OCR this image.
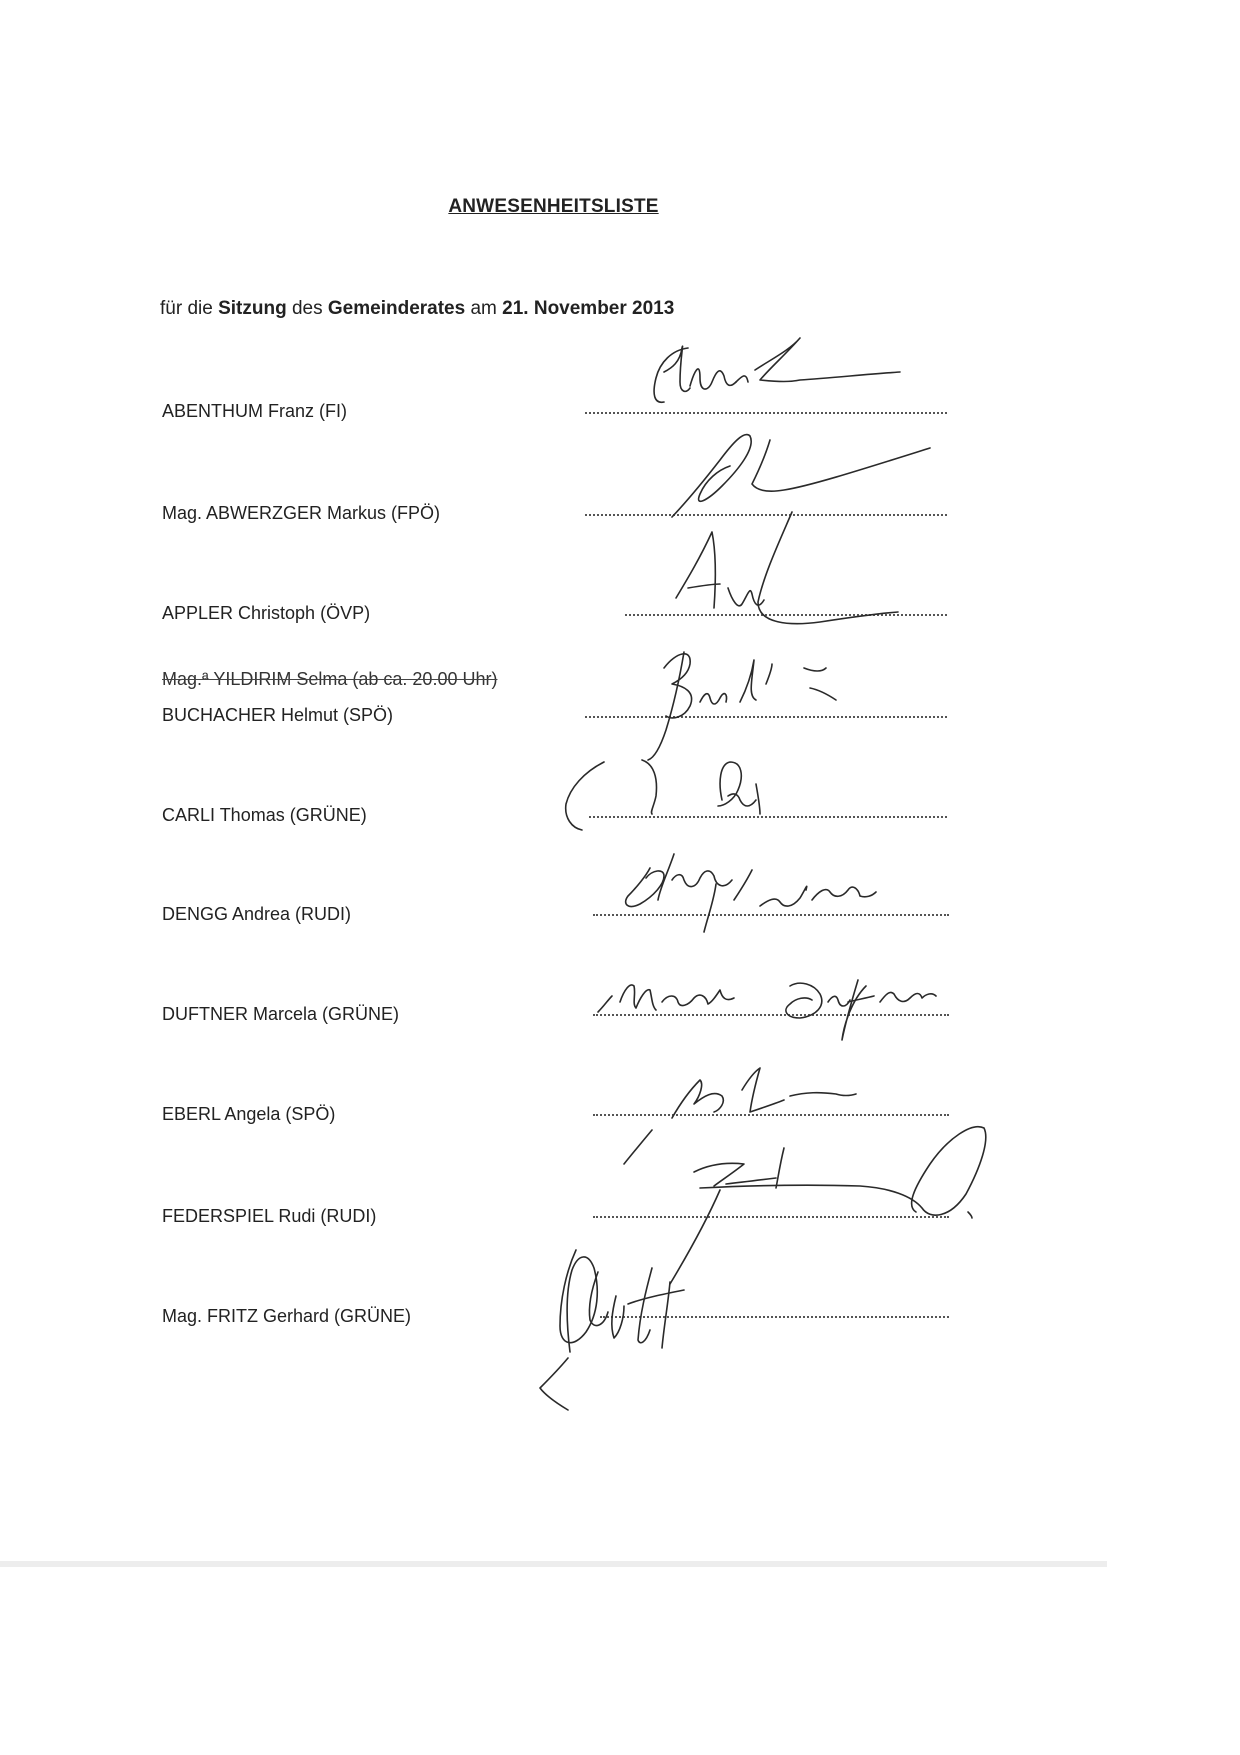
ANWESENHEITSLISTE
für die Sitzung des Gemeinderates am 21. November 2013
ABENTHUM Franz (FI)
Mag. ABWERZGER Markus (FPÖ)
APPLER Christoph (ÖVP)
Mag.ª YILDIRIM Selma (ab ca. 20.00 Uhr)
BUCHACHER Helmut (SPÖ)
CARLI Thomas (GRÜNE)
DENGG Andrea (RUDI)
DUFTNER Marcela (GRÜNE)
EBERL Angela (SPÖ)
FEDERSPIEL Rudi (RUDI)
Mag. FRITZ Gerhard (GRÜNE)
